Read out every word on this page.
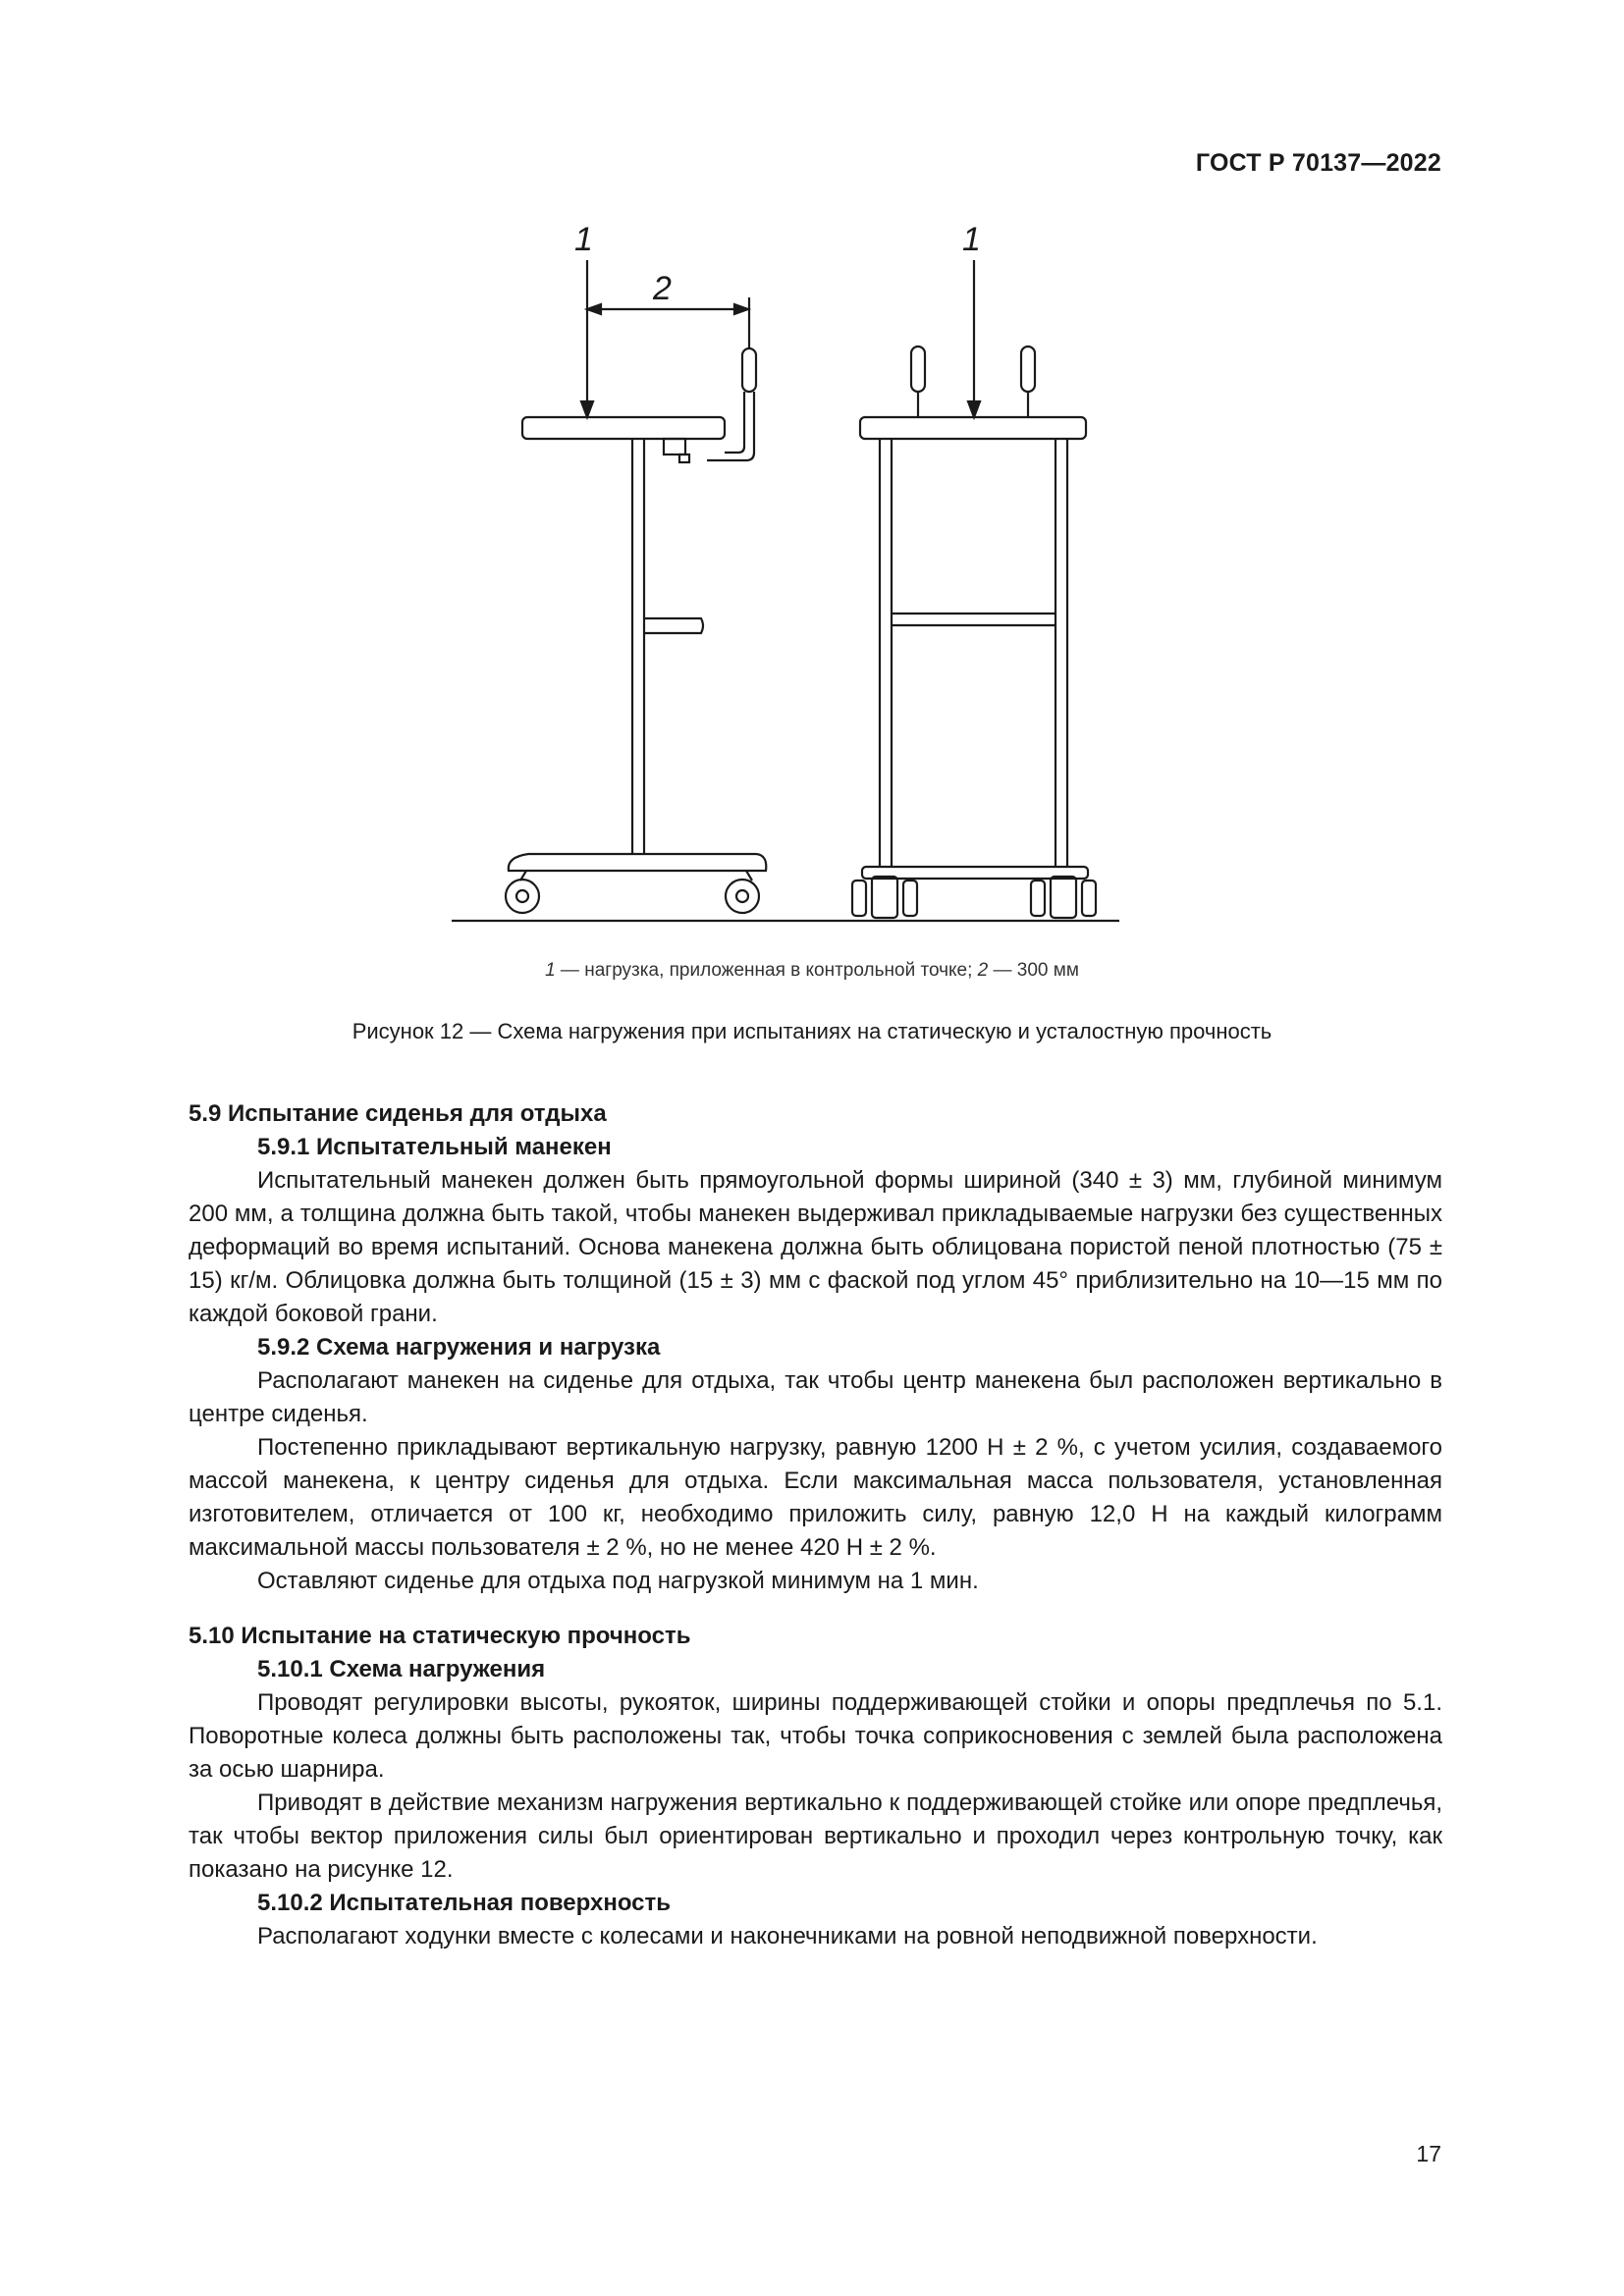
ГОСТ Р 70137—2022
1
2
1
1 — нагрузка, приложенная в контрольной точке; 2 — 300 мм
Рисунок 12 — Схема нагружения при испытаниях на статическую и усталостную прочность

5.9 Испытание сиденья для отдыха

5.9.1 Испытательный манекен

Испытательный манекен должен быть прямоугольной формы шириной (340 ± 3) мм, глубиной минимум 200 мм, а толщина должна быть такой, чтобы манекен выдерживал прикладываемые нагрузки без существенных деформаций во время испытаний. Основа манекена должна быть облицована пористой пеной плотностью (75 ± 15) кг/м. Облицовка должна быть толщиной (15 ± 3) мм с фаской под углом 45° приблизительно на 10—15 мм по каждой боковой грани.

5.9.2 Схема нагружения и нагрузка

Располагают манекен на сиденье для отдыха, так чтобы центр манекена был расположен вертикально в центре сиденья.

Постепенно прикладывают вертикальную нагрузку, равную 1200 Н ± 2 %, с учетом усилия, создаваемого массой манекена, к центру сиденья для отдыха. Если максимальная масса пользователя, установленная изготовителем, отличается от 100 кг, необходимо приложить силу, равную 12,0 Н на каждый килограмм максимальной массы пользователя ± 2 %, но не менее 420 Н ± 2 %.

Оставляют сиденье для отдыха под нагрузкой минимум на 1 мин.

5.10 Испытание на статическую прочность

5.10.1 Схема нагружения

Проводят регулировки высоты, рукояток, ширины поддерживающей стойки и опоры предплечья по 5.1. Поворотные колеса должны быть расположены так, чтобы точка соприкосновения с землей была расположена за осью шарнира.

Приводят в действие механизм нагружения вертикально к поддерживающей стойке или опоре предплечья, так чтобы вектор приложения силы был ориентирован вертикально и проходил через контрольную точку, как показано на рисунке 12.

5.10.2 Испытательная поверхность

Располагают ходунки вместе с колесами и наконечниками на ровной неподвижной поверхности.

17
